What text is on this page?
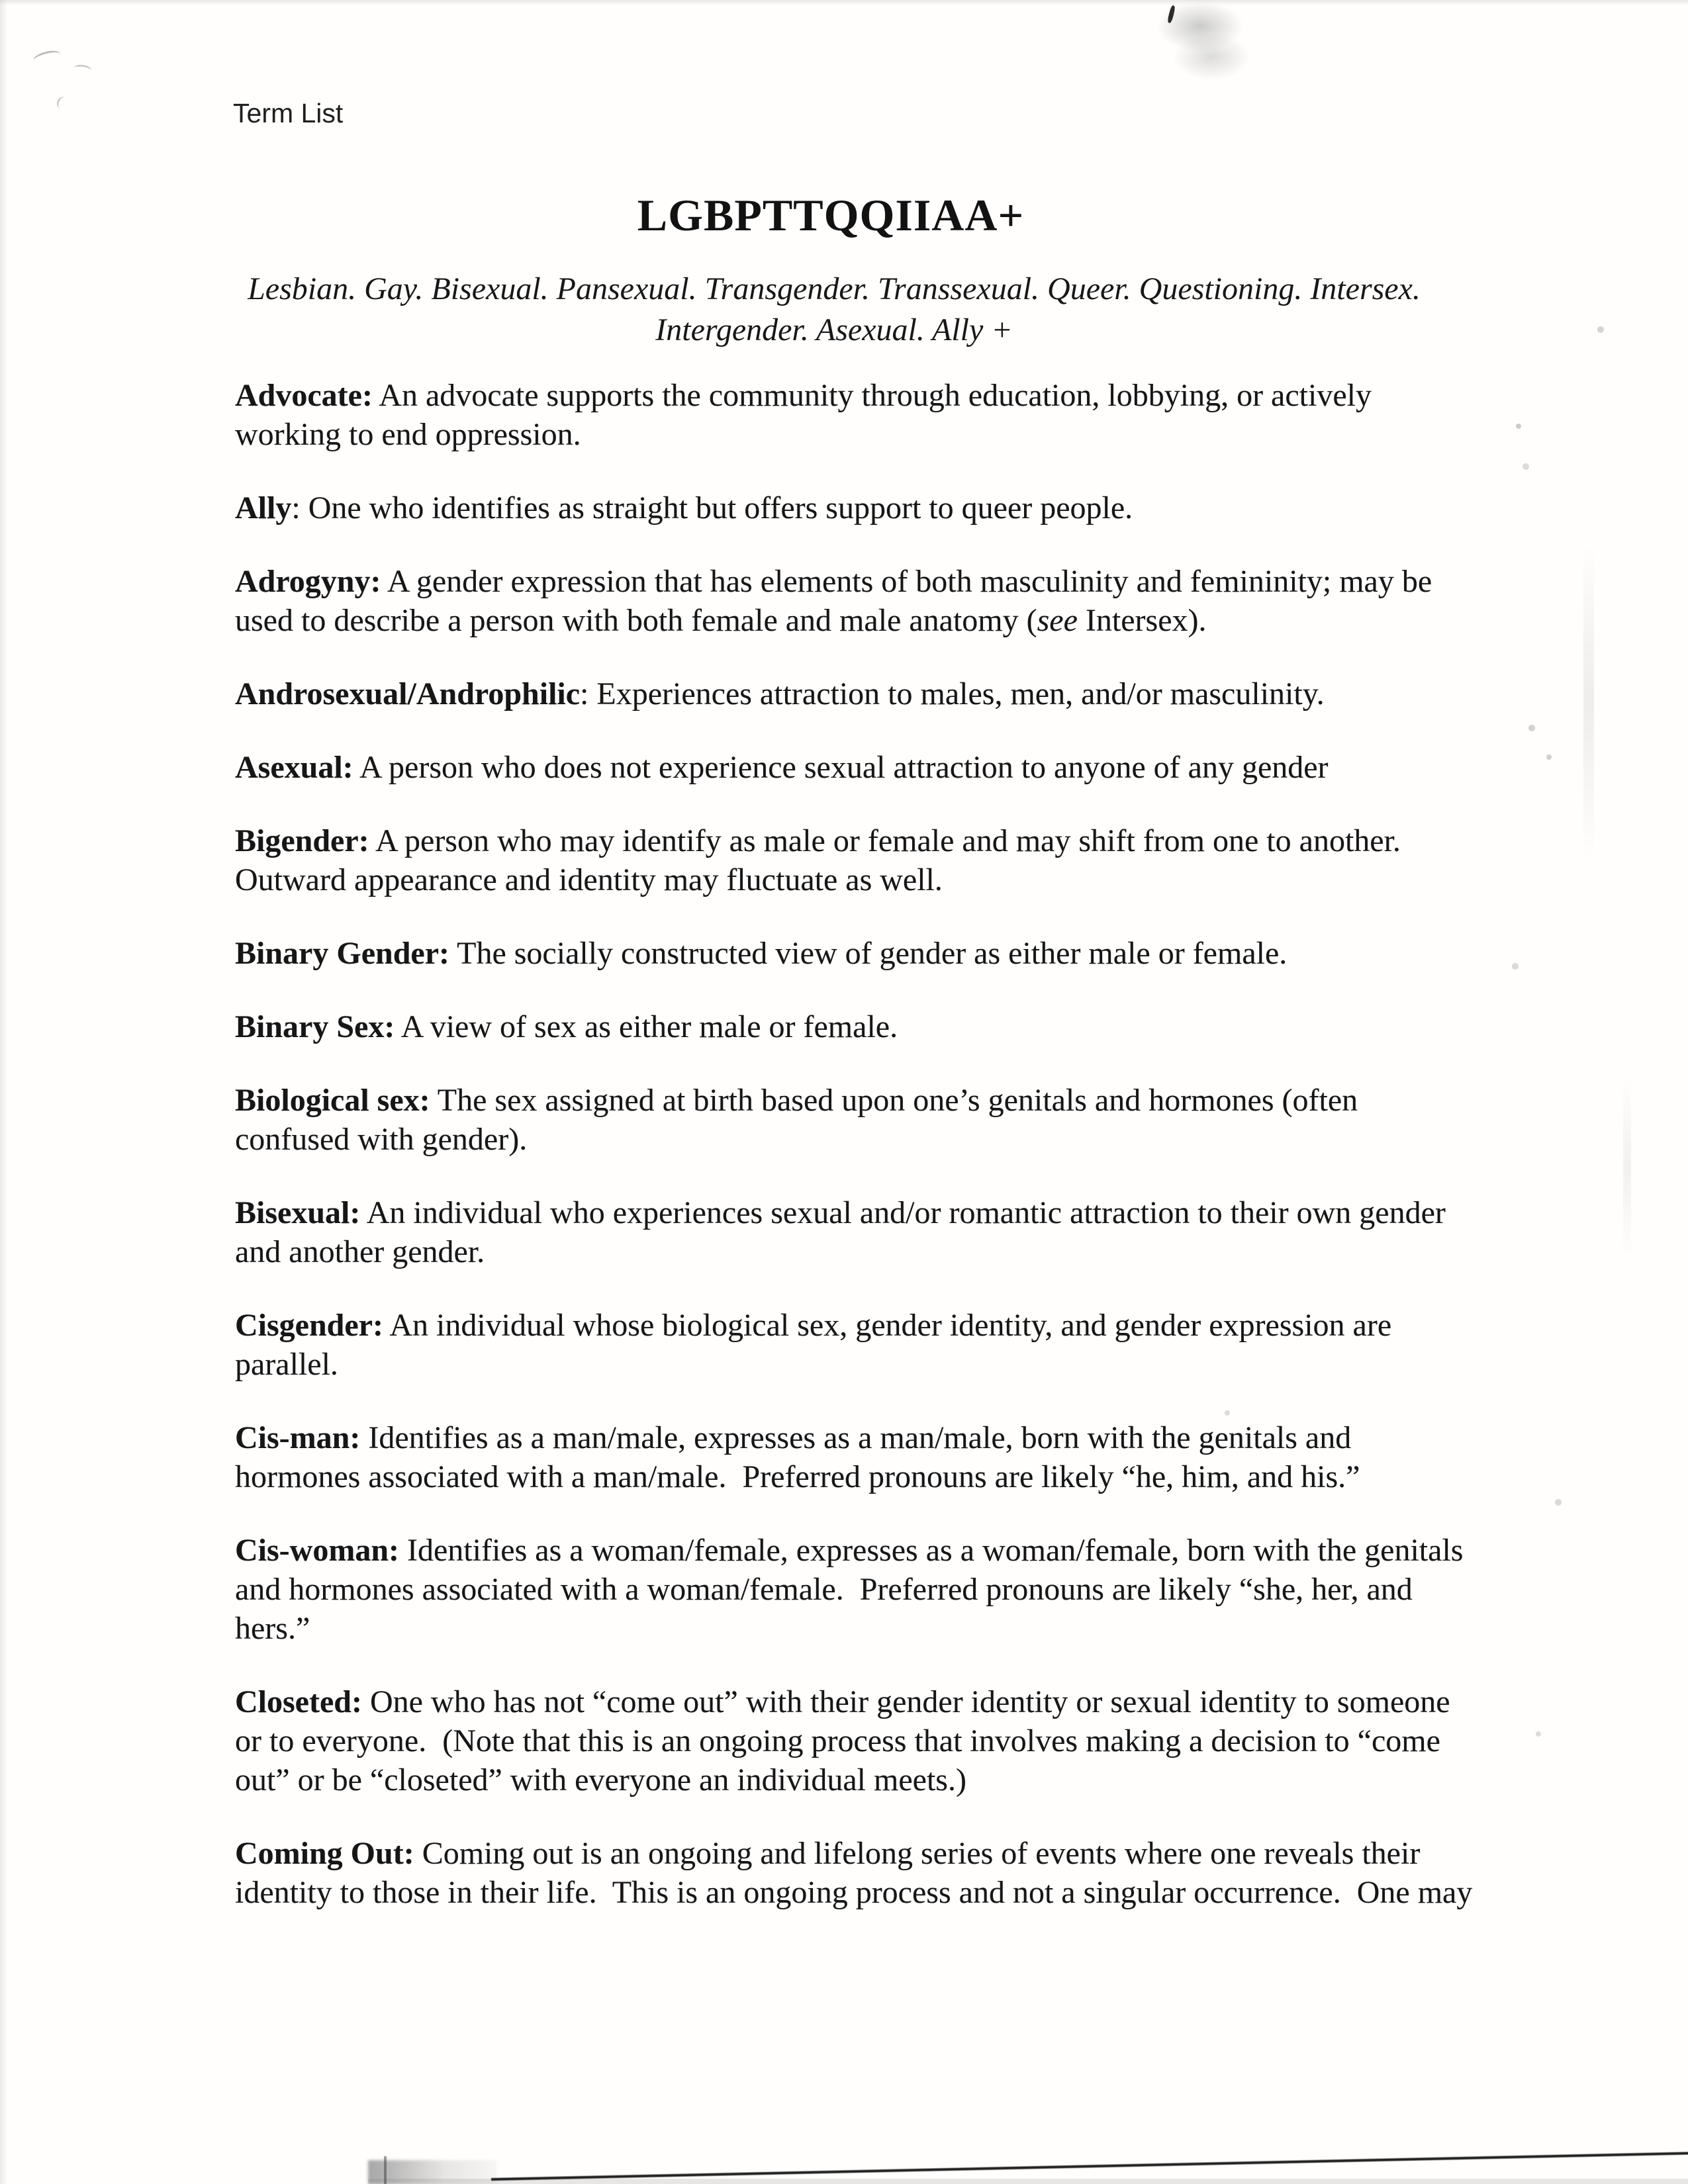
Term List
LGBPTTQQIIAA+
Lesbian. Gay. Bisexual. Pansexual. Transgender. Transsexual. Queer. Questioning. Intersex.
Intergender. Asexual. Ally +

Advocate: An advocate supports the community through education, lobbying, or actively working to end oppression.

Ally: One who identifies as straight but offers support to queer people.

Adrogyny: A gender expression that has elements of both masculinity and femininity; may be used to describe a person with both female and male anatomy (see Intersex).

Androsexual/Androphilic: Experiences attraction to males, men, and/or masculinity.

Asexual: A person who does not experience sexual attraction to anyone of any gender

Bigender: A person who may identify as male or female and may shift from one to another.  Outward appearance and identity may fluctuate as well.

Binary Gender: The socially constructed view of gender as either male or female.

Binary Sex: A view of sex as either male or female.

Biological sex: The sex assigned at birth based upon one’s genitals and hormones (often confused with gender).

Bisexual: An individual who experiences sexual and/or romantic attraction to their own gender and another gender.

Cisgender: An individual whose biological sex, gender identity, and gender expression are parallel.

Cis-man: Identifies as a man/male, expresses as a man/male, born with the genitals and hormones associated with a man/male.  Preferred pronouns are likely “he, him, and his.”

Cis-woman: Identifies as a woman/female, expresses as a woman/female, born with the genitals and hormones associated with a woman/female.  Preferred pronouns are likely “she, her, and hers.”

Closeted: One who has not “come out” with their gender identity or sexual identity to someone or to everyone.  (Note that this is an ongoing process that involves making a decision to “come out” or be “closeted” with everyone an individual meets.)

Coming Out: Coming out is an ongoing and lifelong series of events where one reveals their identity to those in their life.  This is an ongoing process and not a singular occurrence.  One may
